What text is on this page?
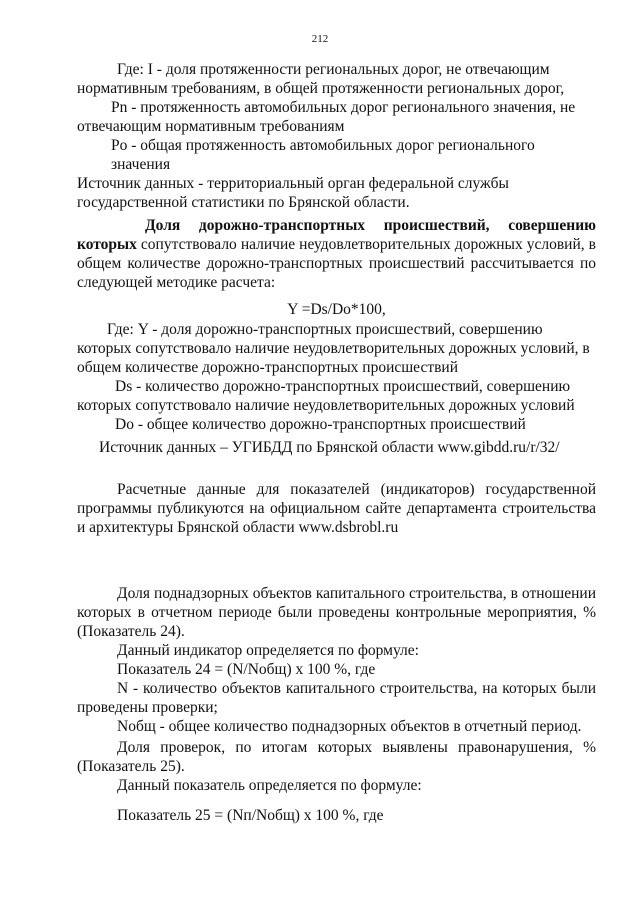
212
Где: I - доля протяженности региональных дорог, не отвечающим
нормативным требованиям, в общей протяженности региональных дорог,
Pn - протяженность автомобильных дорог регионального значения, не
отвечающим нормативным требованиям
Po - общая протяженность автомобильных дорог регионального значения
Источник данных - территориальный орган федеральной службы
государственной статистики по Брянской области.
Доля дорожно-транспортных происшествий, совершению
которых сопутствовало наличие неудовлетворительных дорожных условий, в общем количестве дорожно-транспортных происшествий рассчитывается по следующей методике расчета:
Y =Ds/Do*100,
Где: Y - доля дорожно-транспортных происшествий, совершению
которых сопутствовало наличие неудовлетворительных дорожных условий, в
общем количестве дорожно-транспортных происшествий
Ds - количество дорожно-транспортных происшествий, совершению
которых сопутствовало наличие неудовлетворительных дорожных условий
Do - общее количество дорожно-транспортных происшествий
Источник данных – УГИБДД по Брянской области www.gibdd.ru/r/32/
Расчетные данные для показателей (индикаторов) государственной программы публикуются на официальном сайте департамента строительства и архитектуры Брянской области www.dsbrobl.ru
Доля поднадзорных объектов капитального строительства, в отношении которых в отчетном периоде были проведены контрольные мероприятия, % (Показатель 24).
Данный индикатор определяется по формуле:
Показатель 24 = (N/Nобщ) x 100 %, где
N - количество объектов капитального строительства, на которых были проведены проверки;
Nобщ - общее количество поднадзорных объектов в отчетный период.
Доля проверок, по итогам которых выявлены правонарушения, % (Показатель 25).
Данный показатель определяется по формуле:
Показатель 25 = (Nп/Nобщ) x 100 %, где
